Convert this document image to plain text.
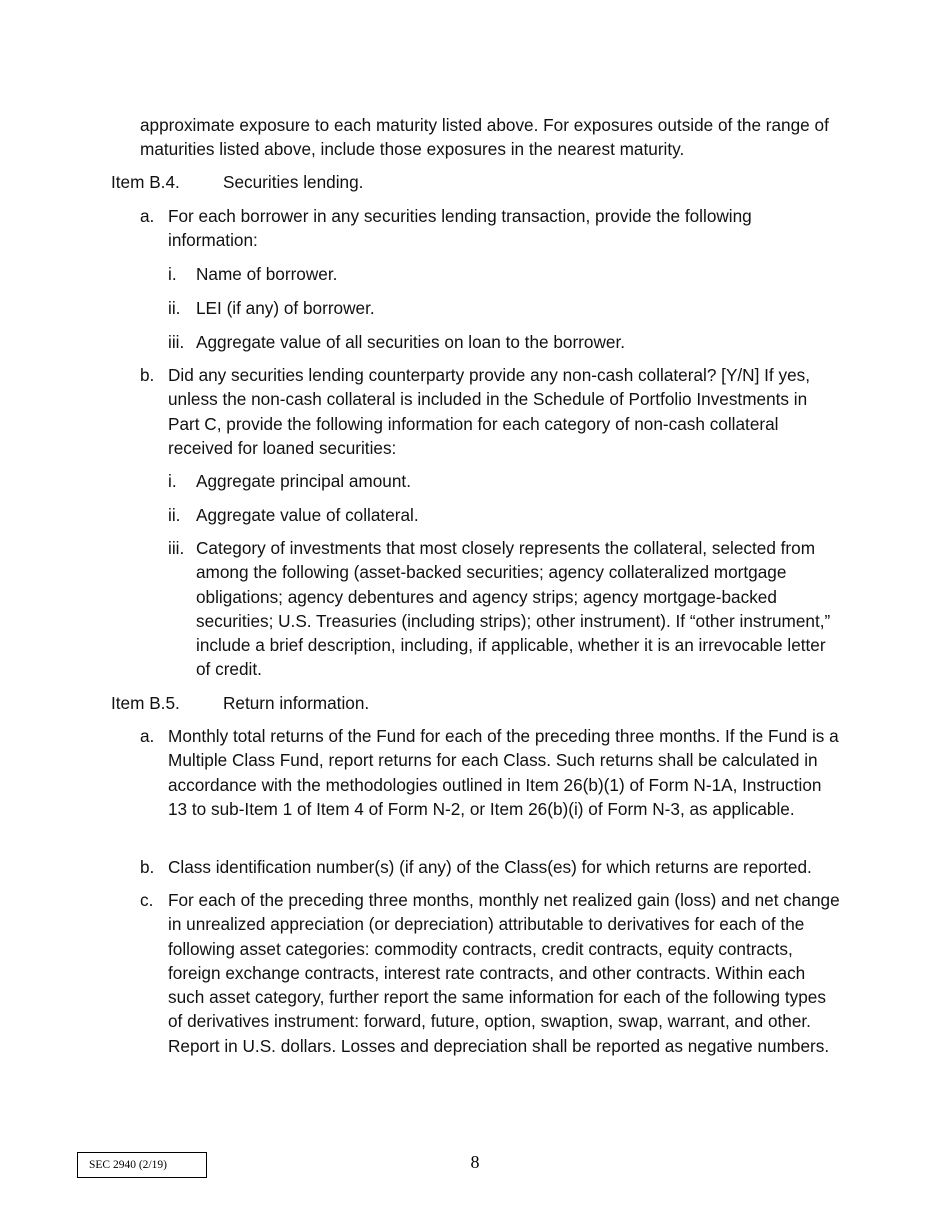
approximate exposure to each maturity listed above. For exposures outside of the range of maturities listed above, include those exposures in the nearest maturity.

Item B.4.	Securities lending.
a. For each borrower in any securities lending transaction, provide the following information:
i. Name of borrower.
ii. LEI (if any) of borrower.
iii. Aggregate value of all securities on loan to the borrower.
b. Did any securities lending counterparty provide any non-cash collateral? [Y/N] If yes, unless the non-cash collateral is included in the Schedule of Portfolio Investments in Part C, provide the following information for each category of non-cash collateral received for loaned securities:
i. Aggregate principal amount.
ii. Aggregate value of collateral.
iii. Category of investments that most closely represents the collateral, selected from among the following (asset-backed securities; agency collateralized mortgage obligations; agency debentures and agency strips; agency mortgage-backed securities; U.S. Treasuries (including strips); other instrument). If “other instrument,” include a brief description, including, if applicable, whether it is an irrevocable letter of credit.
Item B.5.	Return information.
a. Monthly total returns of the Fund for each of the preceding three months. If the Fund is a Multiple Class Fund, report returns for each Class. Such returns shall be calculated in accordance with the methodologies outlined in Item 26(b)(1) of Form N-1A, Instruction 13 to sub-Item 1 of Item 4 of Form N-2, or Item 26(b)(i) of Form N-3, as applicable.
b. Class identification number(s) (if any) of the Class(es) for which returns are reported.
c. For each of the preceding three months, monthly net realized gain (loss) and net change in unrealized appreciation (or depreciation) attributable to derivatives for each of the following asset categories: commodity contracts, credit contracts, equity contracts, foreign exchange contracts, interest rate contracts, and other contracts. Within each such asset category, further report the same information for each of the following types of derivatives instrument: forward, future, option, swaption, swap, warrant, and other. Report in U.S. dollars. Losses and depreciation shall be reported as negative numbers.
SEC 2940 (2/19)	8
